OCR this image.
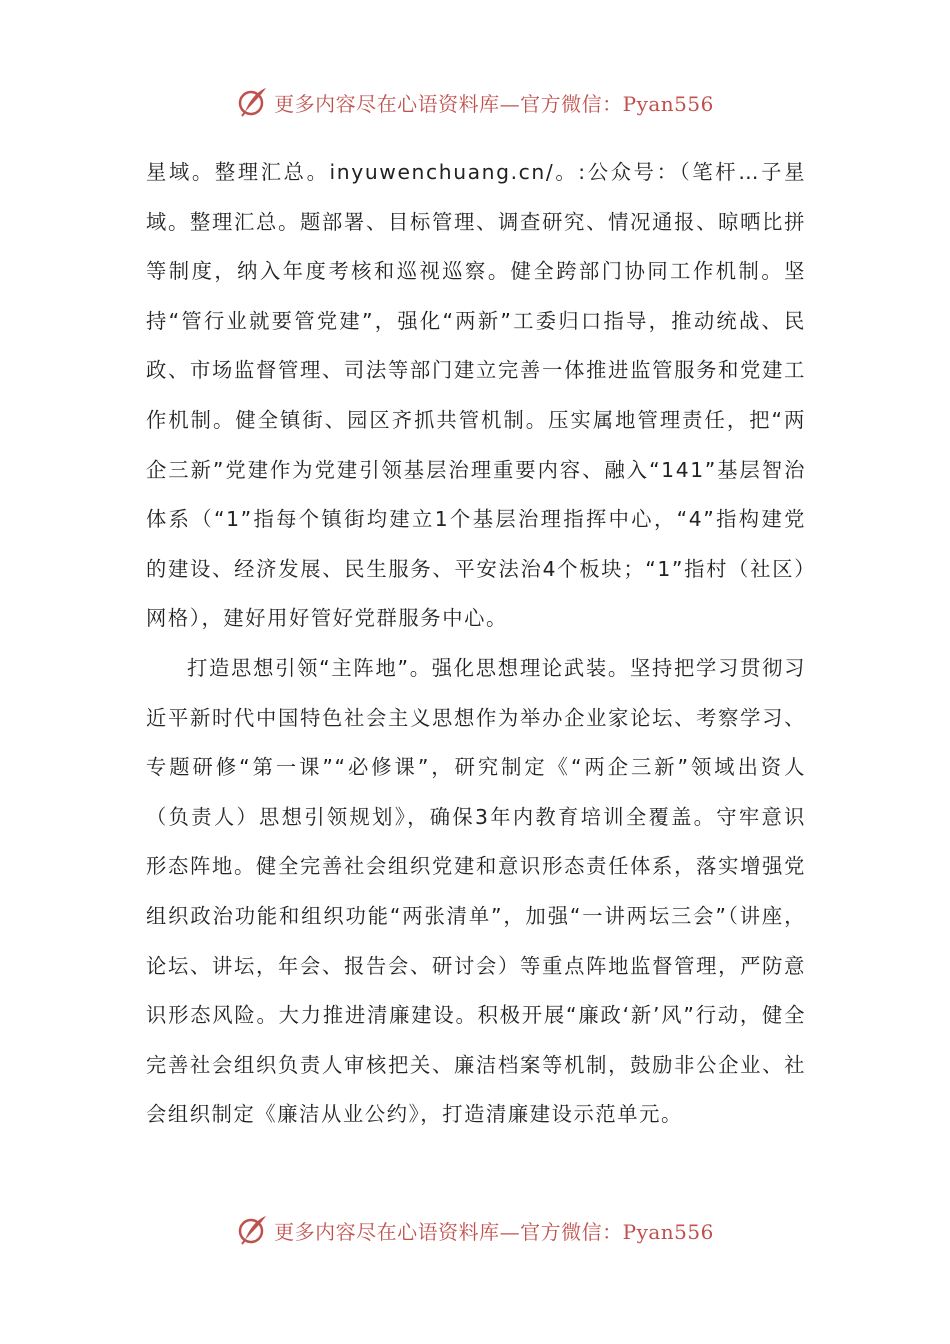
更多内容尽在心语资料库—官方微信：Pyan556

星域。整理汇总。inyuwenchuang.cn/。:公众号：（笔杆…子星域。整理汇总。题部署、目标管理、调查研究、情况通报、晾晒比拼等制度，纳入年度考核和巡视巡察。健全跨部门协同工作机制。坚持“管行业就要管党建”，强化“两新”工委归口指导，推动统战、民政、市场监督管理、司法等部门建立完善一体推进监管服务和党建工作机制。健全镇街、园区齐抓共管机制。压实属地管理责任，把“两企三新”党建作为党建引领基层治理重要内容、融入“141”基层智治体系（“1”指每个镇街均建立1个基层治理指挥中心，“4”指构建党的建设、经济发展、民生服务、平安法治4个板块；“1”指村（社区）网格），建好用好管好党群服务中心。

打造思想引领“主阵地”。强化思想理论武装。坚持把学习贯彻习近平新时代中国特色社会主义思想作为举办企业家论坛、考察学习、专题研修“第一课”“必修课”，研究制定《“两企三新”领域出资人（负责人）思想引领规划》，确保3年内教育培训全覆盖。守牢意识形态阵地。健全完善社会组织党建和意识形态责任体系，落实增强党组织政治功能和组织功能“两张清单”，加强“一讲两坛三会”（讲座，论坛、讲坛，年会、报告会、研讨会）等重点阵地监督管理，严防意识形态风险。大力推进清廉建设。积极开展“廉政‘新’风”行动，健全完善社会组织负责人审核把关、廉洁档案等机制，鼓励非公企业、社会组织制定《廉洁从业公约》，打造清廉建设示范单元。

更多内容尽在心语资料库—官方微信：Pyan556
